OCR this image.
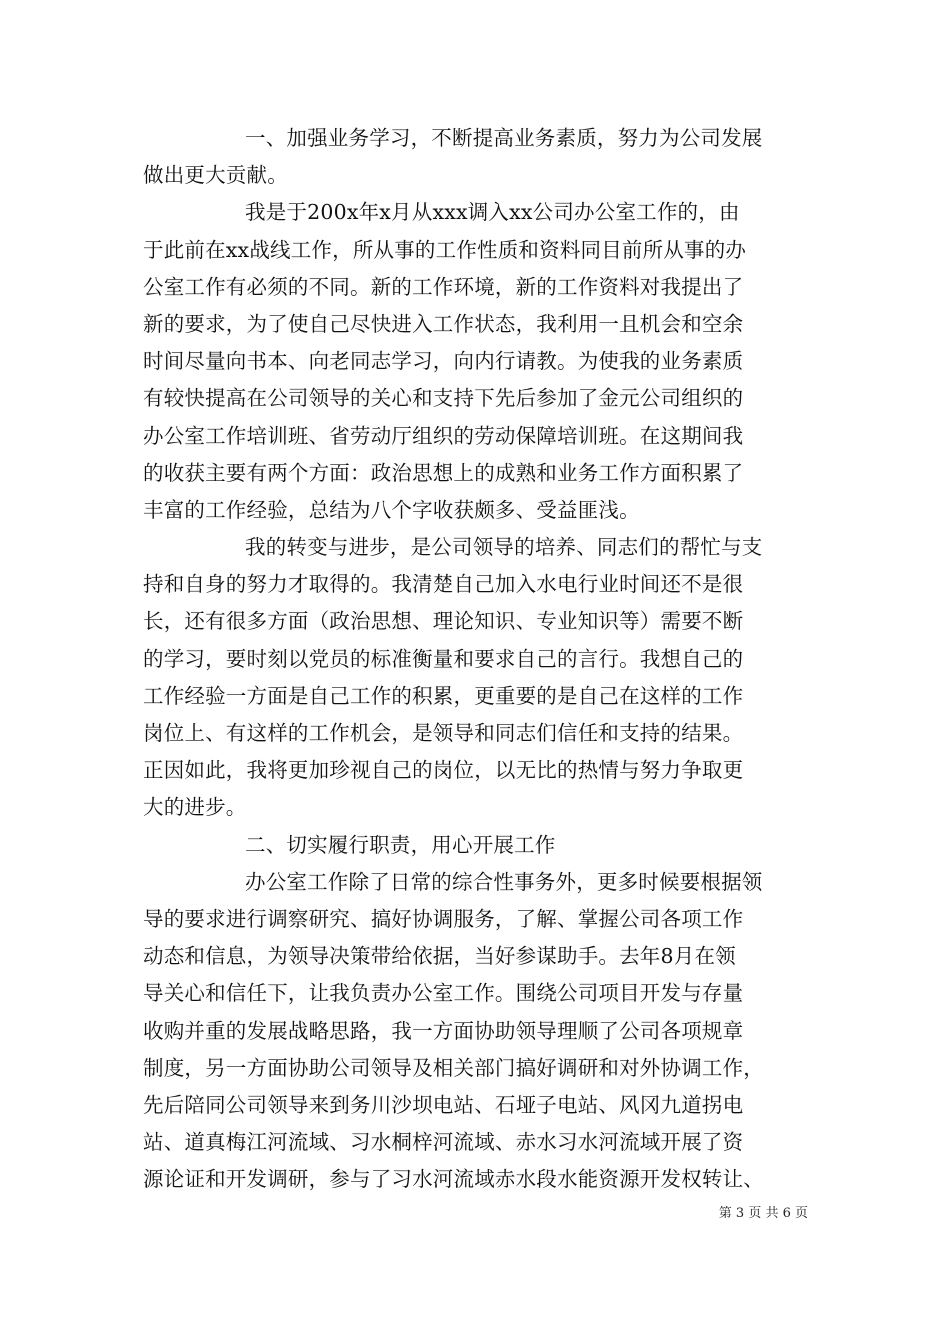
一、加强业务学习，不断提高业务素质，努力为公司发展
做出更大贡献。
我是于200x年x月从xxx调入xx公司办公室工作的，由
于此前在xx战线工作，所从事的工作性质和资料同目前所从事的办
公室工作有必须的不同。新的工作环境，新的工作资料对我提出了
新的要求，为了使自己尽快进入工作状态，我利用一且机会和空余
时间尽量向书本、向老同志学习，向内行请教。为使我的业务素质
有较快提高在公司领导的关心和支持下先后参加了金元公司组织的
办公室工作培训班、省劳动厅组织的劳动保障培训班。在这期间我
的收获主要有两个方面：政治思想上的成熟和业务工作方面积累了
丰富的工作经验，总结为八个字收获颇多、受益匪浅。
我的转变与进步，是公司领导的培养、同志们的帮忙与支
持和自身的努力才取得的。我清楚自己加入水电行业时间还不是很
长，还有很多方面（政治思想、理论知识、专业知识等）需要不断
的学习，要时刻以党员的标准衡量和要求自己的言行。我想自己的
工作经验一方面是自己工作的积累，更重要的是自己在这样的工作
岗位上、有这样的工作机会，是领导和同志们信任和支持的结果。
正因如此，我将更加珍视自己的岗位，以无比的热情与努力争取更
大的进步。
二、切实履行职责，用心开展工作
办公室工作除了日常的综合性事务外，更多时候要根据领
导的要求进行调察研究、搞好协调服务，了解、掌握公司各项工作
动态和信息，为领导决策带给依据，当好参谋助手。去年8月在领
导关心和信任下，让我负责办公室工作。围绕公司项目开发与存量
收购并重的发展战略思路，我一方面协助领导理顺了公司各项规章
制度，另一方面协助公司领导及相关部门搞好调研和对外协调工作，
先后陪同公司领导来到务川沙坝电站、石垭子电站、风冈九道拐电
站、道真梅江河流域、习水桐梓河流域、赤水习水河流域开展了资
源论证和开发调研，参与了习水河流域赤水段水能资源开发权转让、
第 3 页 共 6 页
